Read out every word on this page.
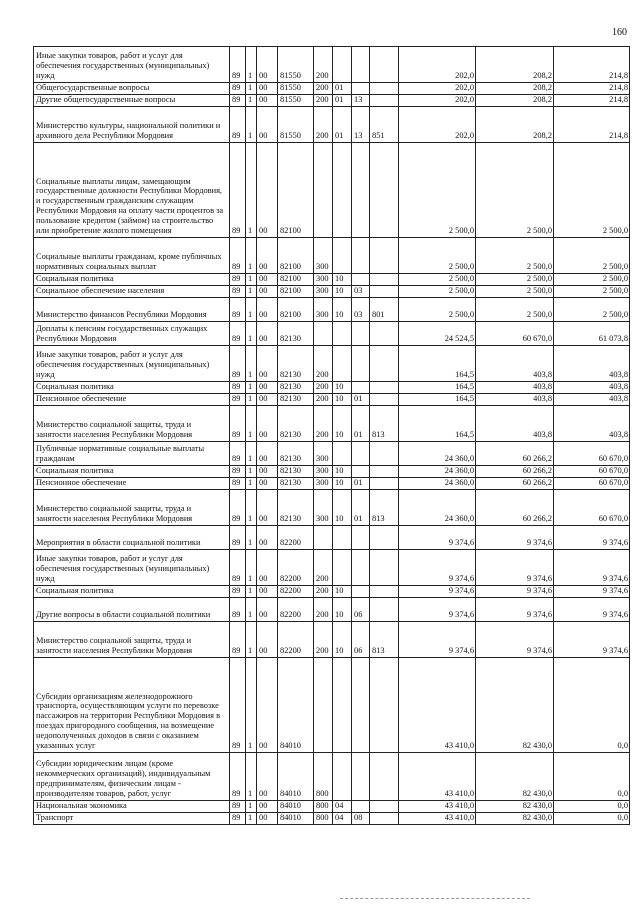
160
Иные закупки товаров, работ и услуг для обеспечения государственных (муниципальных) нужд	89	1	00	81550	200				202,0	208,2	214,8
Общегосударственные вопросы	89	1	00	81550	200	01			202,0	208,2	214,8
Другие общегосударственные вопросы	89	1	00	81550	200	01	13		202,0	208,2	214,8
Министерство культуры, национальной политики и архивного дела Республики Мордовия	89	1	00	81550	200	01	13	851	202,0	208,2	214,8
Социальные выплаты лицам, замещающим государственные должности Республики Мордовия, и государственным гражданским служащим Республики Мордовия на оплату части процентов за пользование кредитом (займом) на строительство или приобретение жилого помещения	89	1	00	82100					2 500,0	2 500,0	2 500,0
Социальные выплаты гражданам, кроме публичных нормативных социальных выплат	89	1	00	82100	300				2 500,0	2 500,0	2 500,0
Социальная политика	89	1	00	82100	300	10			2 500,0	2 500,0	2 500,0
Социальное обеспечение населения	89	1	00	82100	300	10	03		2 500,0	2 500,0	2 500,0
Министерство финансов Республики Мордовия	89	1	00	82100	300	10	03	801	2 500,0	2 500,0	2 500,0
Доплаты к пенсиям государственных служащих Республики Мордовия	89	1	00	82130					24 524,5	60 670,0	61 073,8
Иные закупки товаров, работ и услуг для обеспечения государственных (муниципальных) нужд	89	1	00	82130	200				164,5	403,8	403,8
Социальная политика	89	1	00	82130	200	10			164,5	403,8	403,8
Пенсионное обеспечение	89	1	00	82130	200	10	01		164,5	403,8	403,8
Министерство социальной защиты, труда и занятости населения Республики Мордовия	89	1	00	82130	200	10	01	813	164,5	403,8	403,8
Публичные нормативные социальные выплаты гражданам	89	1	00	82130	300				24 360,0	60 266,2	60 670,0
Социальная политика	89	1	00	82130	300	10			24 360,0	60 266,2	60 670,0
Пенсионное обеспечение	89	1	00	82130	300	10	01		24 360,0	60 266,2	60 670,0
Министерство социальной защиты, труда и занятости населения Республики Мордовия	89	1	00	82130	300	10	01	813	24 360,0	60 266,2	60 670,0
Мероприятия в области социальной политики	89	1	00	82200					9 374,6	9 374,6	9 374,6
Иные закупки товаров, работ и услуг для обеспечения государственных (муниципальных) нужд	89	1	00	82200	200				9 374,6	9 374,6	9 374,6
Социальная политика	89	1	00	82200	200	10			9 374,6	9 374,6	9 374,6
Другие вопросы в области социальной политики	89	1	00	82200	200	10	06		9 374,6	9 374,6	9 374,6
Министерство социальной защиты, труда и занятости населения Республики Мордовия	89	1	00	82200	200	10	06	813	9 374,6	9 374,6	9 374,6
Субсидии организациям железнодорожного транспорта, осуществляющим услуги по перевозке пассажиров на территории Республики Мордовия в поездах пригородного сообщения, на возмещение недополученных доходов в связи с оказанием указанных услуг	89	1	00	84010					43 410,0	82 430,0	0,0
Субсидии юридическим лицам (кроме некоммерческих организаций), индивидуальным предпринимателям, физическим лицам - производителям товаров, работ, услуг	89	1	00	84010	800				43 410,0	82 430,0	0,0
Национальная экономика	89	1	00	84010	800	04			43 410,0	82 430,0	0,0
Транспорт	89	1	00	84010	800	04	08		43 410,0	82 430,0	0,0
